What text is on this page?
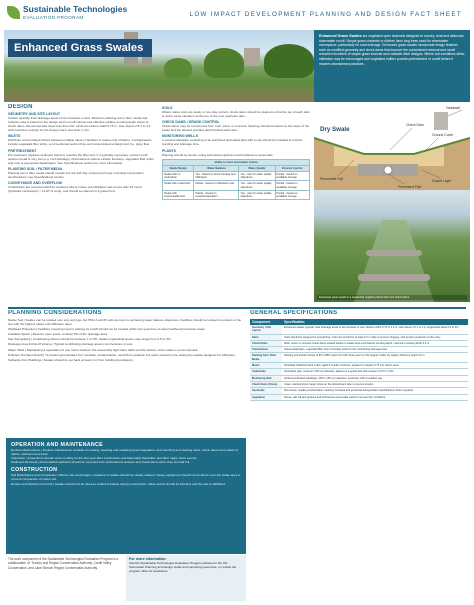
Sustainable Technologies
EVALUATION PROGRAM	LOW IMPACT DEVELOPMENT PLANNING AND DESIGN FACT SHEET
Enhanced Grass Swales
Enhanced Grass Swales are vegetated open channels designed to convey, treat and attenuate stormwater runoff. Simple grass channels or ditches have long been used for stormwater conveyance, particularly for road drainage. Enhanced grass swales incorporate design features such as modified geometry and check dams that improve the contaminant removal and runoff reduction functions of simple grass channel and roadside ditch designs. Where soil conditions allow, infiltration may be encouraged and vegetated buffers provide pretreatment of runoff before it reaches downstream practices.
DESIGN
GEOMETRY AND SITE LAYOUT
Swales typically treat drainage areas of two hectares or less. Minimum planting soil or filter media bed footprint area is based on the design storm runoff volume and effective surface ponding depth below of check dams. Recommended slope less than 4%; minimum bottom width 0.75 m; side slopes 2.5:1 to 4:1 with maximum velocity for the design storm less than 1 m/s.
INLETS
Distribute concentrated inflows between multiple inlets or facilities to reduce risk of failure. Configurations include vegetated filter strips, a conventional section flow and concentrated underground (i.e. pipe) flow.
PRETREATMENT
Pre-treatment captures sediment before it reaches the filter bed. It is typically necessary, unless runoff sediment load is very low (e.g. roof drainage). Pretreatment options include forebays, vegetated filter strips and rock or pea gravel diaphragms. See Specifications section for more information.
PLANTING SOIL / FILTER MEDIA
Planting soil or filter media should contain low silt and clay content and meet municipal composition specifications; see Specifications section.
CONVEYANCE AND OVERFLOW
Underdrains are recommended for locations where native soil infiltration rate is less than 15 mm/h (hydraulic conductivity < 1x10^-6 cm/s), and should be placed on a gravel bed.
SOILS
Where native soils are sandy or low clay content, check dams should be spaced so that the top of each dam is at the same elevation as the toe of the next upstream dam.
CHECK DAMS / GRADE CONTROL
Check dams may be constructed from rock, stone or concrete. Spacing should be based on the slope of the swale and the desired ponding depth behind each dam.
MONITORING WELLS
A vertical standpipe consisting of an anchored perforated pipe with a cap should be installed to monitor ponding and drainage time.
PLANTS
Planting should be dense, using salt tolerant grasses and herbaceous perennials.
Ability to meet stormwater criteria			
Swale Design	Water Balance	Water Quality	Erosion Control
Swale with no underdrain	Yes - based on stone storage and infiltration	Yes - rate for water quality objectives	Partial - based on available storage
Swale with underdrain	Partial - based on infiltration rate	Yes - rate for water quality objectives	Partial - based on available storage
Swale with impermeable liner	Partial - based on evapotranspiration	Yes - rate for water quality objectives	Partial - based on available storage
Headwall
Check Dam
Ground Cover
Permeable Soil
Perforated Pipe
Gravel Layer
Dry Swale
Enhanced grass swale in a residential neighbourhood with rock check dams.
PLANNING CONSIDERATIONS
Native Soil | Swales can be located over any soil type, but HSG A and B soils are best for achieving water balance objectives. Facilities should be located in portions of the site with the highest native soil infiltration rates.
Wellhead Protection | Facilities receiving road or parking lot runoff should not be located within two-year time-of-travel wellhead protection areas.
Available Space | Reserve open space of about 5% of the drainage area.
Site Topography | Contributing slopes should be between 1 to 5%. Swale longitudinal slopes may range from 0.5 to 4%.
Drainage Area & Runoff Volume | Typical contributing drainage area is two hectares or less.
Water Table | Maintaining a separation of one metre between the seasonally high water table and the bottom of the swale is recommended.
Pollution Hot Spot Runoff | To protect groundwater from possible contamination, runoff from pollution hot spots should not be treated by swales designed for infiltration.
Setbacks from Buildings | Swales should be set back at least 4 m from building foundations.
OPERATION AND MAINTENANCE
Routine Maintenance | Routine maintenance consists of mowing, weeding and replacing dead vegetation, and checking and clearing inlets, check dams and outlets of debris, sediment and trash.
Inspection | Inspections should occur monthly for the first year after construction and biannually thereafter, and after major storm events.
Sediment Removal | Accumulated sediment should be removed from pretreatment devices and check dams when they are half full.
CONSTRUCTION
Soil Disturbance and Compaction | Before site work begins, locations of swales should be clearly marked. Heavy equipment should not be driven over the swale area to prevent compaction of native soil.
Erosion and Sediment Control | Swales should not be used as sediment basins during construction. Inflow points should be blocked until the site is stabilized.
The work component of the Sustainable Technologies Evaluation Program is a collaboration of: Toronto and Region Conservation Authority, Credit Valley Conservation, and Lake Simcoe Region Conservation Authority.
For more information:
Visit the Sustainable Technologies Evaluation Program website for the LID Stormwater Planning and Design Guide and supporting resources, or contact the program office for assistance.
GENERAL SPECIFICATIONS
Component	Specification
Geometry / Site Layout	Enhanced swales typically treat drainage areas of two hectares or less. Bottom width 0.75 to 3.0 m; side slopes 2.5:1 to 4:1; longitudinal slope 0.5 to 4%.
Inlets	Inlets should be designed to spread flow; curb cuts should be at least 0.3 m wide to prevent clogging, with erosion protection at the entry.
Check Dams	Rock, stone or concrete check dams spaced based on swale slope and desired ponding depth; maximum ponding depth 0.3 m.
Pretreatment	Gravel diaphragm, vegetated filter strip or forebay sized for the contributing drainage area.
Planting Soil / Filter Media	Planting soil should consist of 85 to 88% sand, 8 to 12% fines and 3 to 5% organic matter by weight. Minimum depth 0.5 m.
Mulch	Shredded hardwood bark mulch, aged 6 months minimum, applied to a depth of 75 mm where used.
Underdrain	Perforated pipe, minimum 100 mm diameter, placed on a gravel bed with a slope of 0.5 to 1.0%.
Monitoring Well	Vertical perforated standpipe, 100 to 150 mm diameter, anchored, with a lockable cap.
Check Dams (Stone)	Clean, washed stone; larger stone on the downstream face to prevent erosion.
Geotextile	Non-woven needle-punched fabric meeting municipal and provincial transportation specifications where required.
Vegetation	Dense, salt tolerant grasses and herbaceous perennials suited to wet and dry conditions.
